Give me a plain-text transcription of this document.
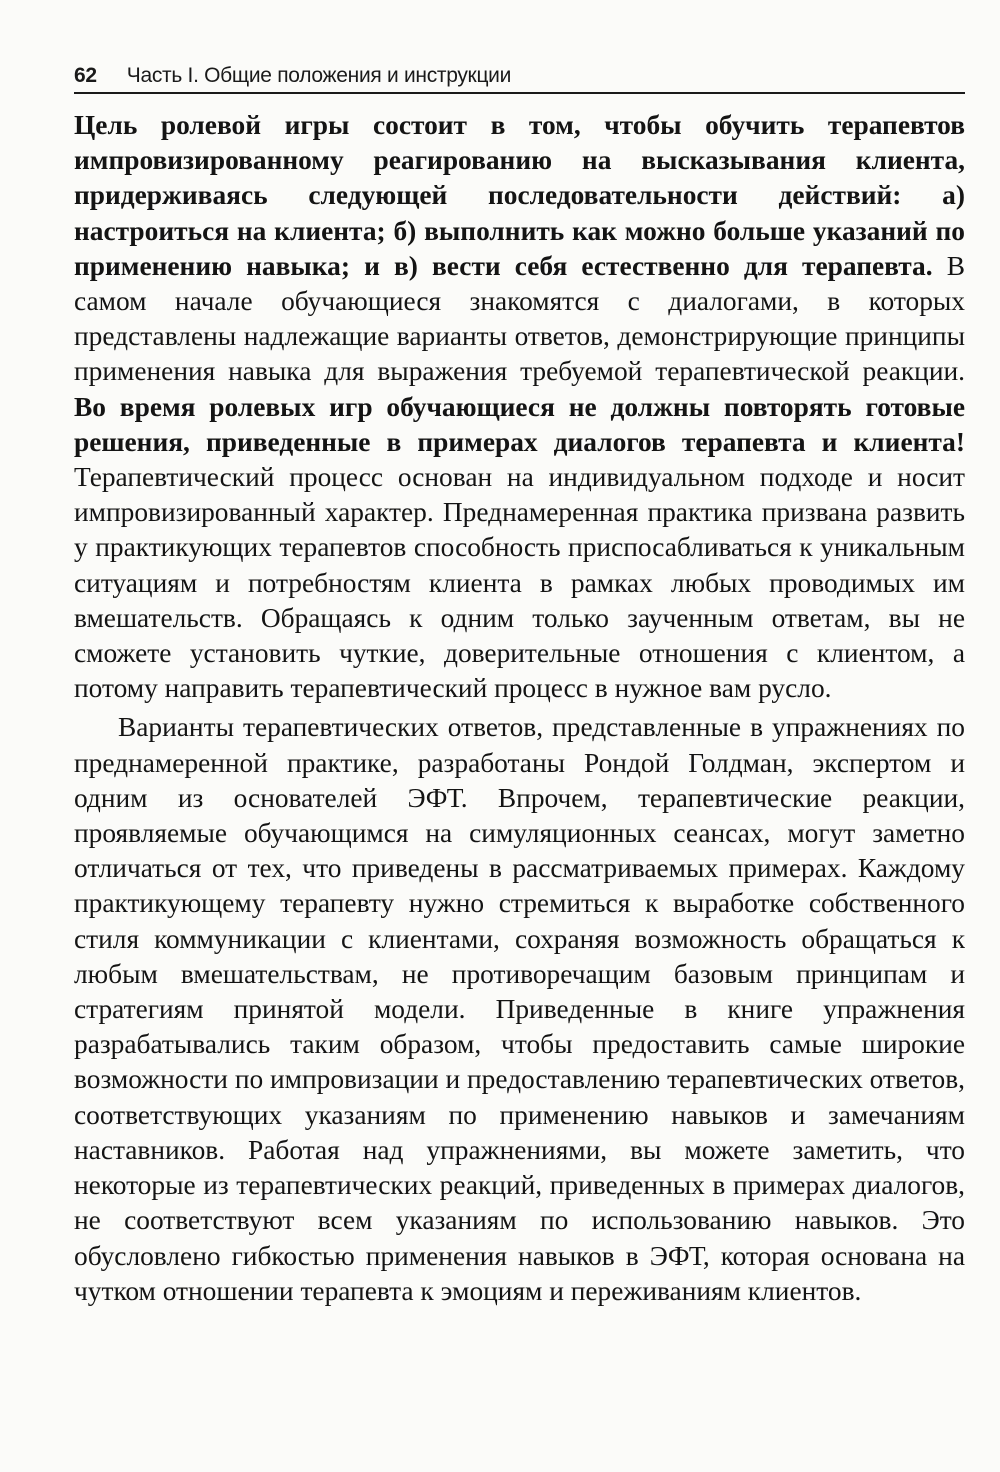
62 Часть I. Общие положения и инструкции

Цель ролевой игры состоит в том, чтобы обучить терапевтов импровизированному реагированию на высказывания клиента, придерживаясь следующей последовательности действий: а) настроиться на клиента; б) выполнить как можно больше указаний по применению навыка; и в) вести себя естественно для терапевта. В самом начале обучающиеся знакомятся с диалогами, в которых представлены надлежащие варианты ответов, демонстрирующие принципы применения навыка для выражения требуемой терапевтической реакции. Во время ролевых игр обучающиеся не должны повторять готовые решения, приведенные в примерах диалогов терапевта и клиента! Терапевтический процесс основан на индивидуальном подходе и носит импровизированный характер. Преднамеренная практика призвана развить у практикующих терапевтов способность приспосабливаться к уникальным ситуациям и потребностям клиента в рамках любых проводимых им вмешательств. Обращаясь к одним только заученным ответам, вы не сможете установить чуткие, доверительные отношения с клиентом, а потому направить терапевтический процесс в нужное вам русло.

Варианты терапевтических ответов, представленные в упражнениях по преднамеренной практике, разработаны Рондой Голдман, экспертом и одним из основателей ЭФТ. Впрочем, терапевтические реакции, проявляемые обучающимся на симуляционных сеансах, могут заметно отличаться от тех, что приведены в рассматриваемых примерах. Каждому практикующему терапевту нужно стремиться к выработке собственного стиля коммуникации с клиентами, сохраняя возможность обращаться к любым вмешательствам, не противоречащим базовым принципам и стратегиям принятой модели. Приведенные в книге упражнения разрабатывались таким образом, чтобы предоставить самые широкие возможности по импровизации и предоставлению терапевтических ответов, соответствующих указаниям по применению навыков и замечаниям наставников. Работая над упражнениями, вы можете заметить, что некоторые из терапевтических реакций, приведенных в примерах диалогов, не соответствуют всем указаниям по использованию навыков. Это обусловлено гибкостью применения навыков в ЭФТ, которая основана на чутком отношении терапевта к эмоциям и переживаниям клиентов.
